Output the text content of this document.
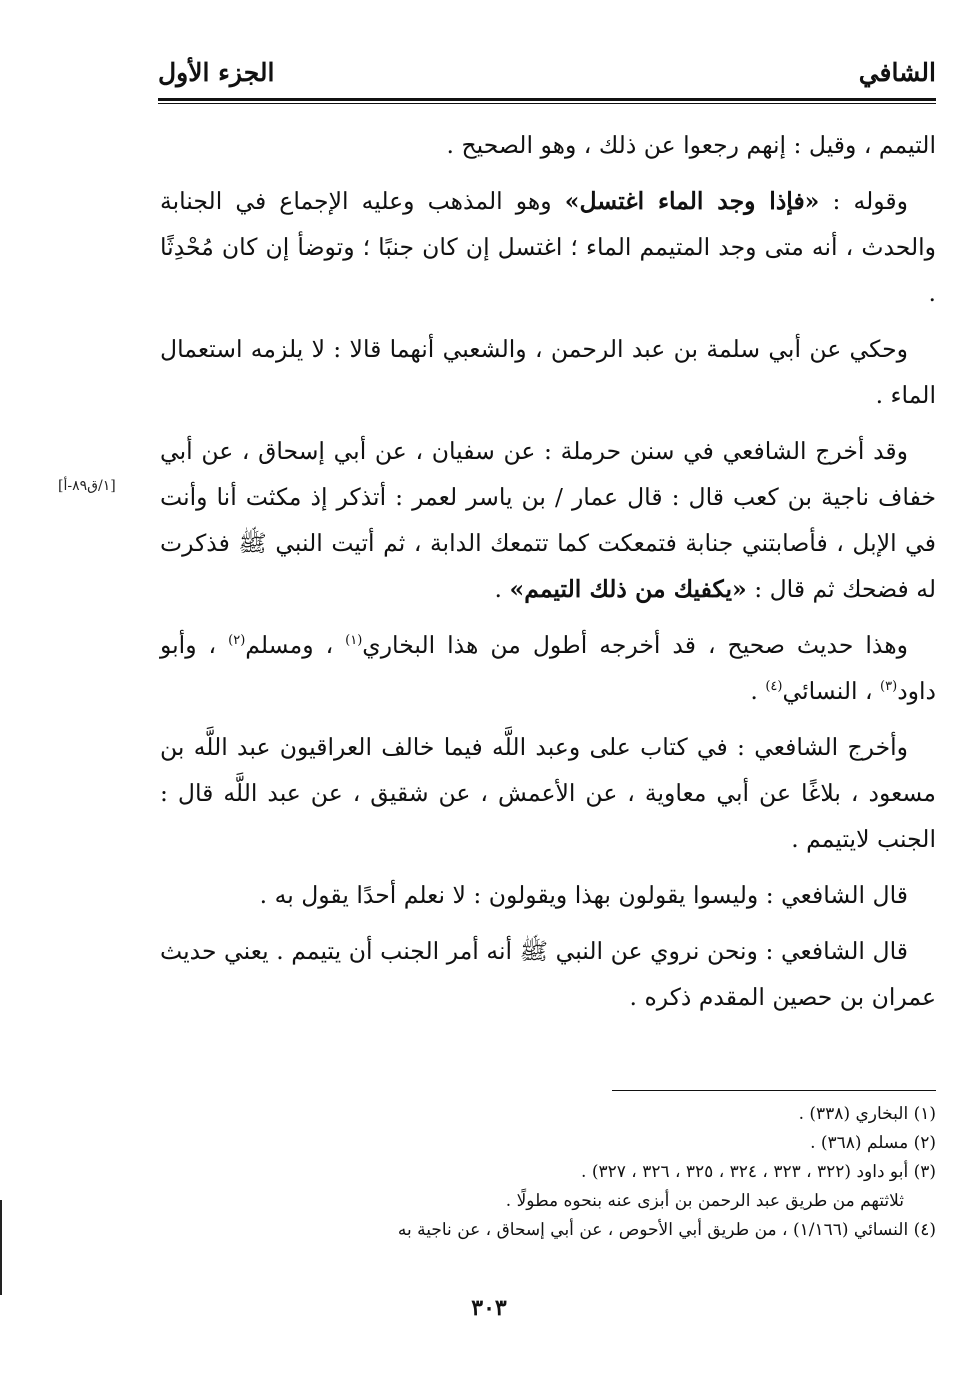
الشافي
الجزء الأول
[١/ق٨٩-أ]

التيمم ، وقيل : إنهم رجعوا عن ذلك ، وهو الصحيح .

وقوله : «فإذا وجد الماء اغتسل» وهو المذهب وعليه الإجماع في الجنابة والحدث ، أنه متى وجد المتيمم الماء ؛ اغتسل إن كان جنبًا ؛ وتوضأ إن كان مُحْدِثًا .

وحكي عن أبي سلمة بن عبد الرحمن ، والشعبي أنهما قالا : لا يلزمه استعمال الماء .

وقد أخرج الشافعي في سنن حرملة : عن سفيان ، عن أبي إسحاق ، عن أبي خفاف ناجية بن كعب قال : قال عمار / بن ياسر لعمر : أتذكر إذ مكثت أنا وأنت في الإبل ، فأصابتني جنابة فتمعكت كما تتمعك الدابة ، ثم أتيت النبي ﷺ فذكرت له فضحك ثم قال : «يكفيك من ذلك التيمم» .

وهذا حديث صحيح ، قد أخرجه أطول من هذا البخاري$^{(١)}$ ، ومسلم$^{(٢)}$ ، وأبو داود$^{(٣)}$ ، النسائي$^{(٤)}$ .

وأخرج الشافعي : في كتاب على وعبد اللَّه فيما خالف العراقيون عبد اللَّه بن مسعود ، بلاغًا عن أبي معاوية ، عن الأعمش ، عن شقيق ، عن عبد اللَّه قال : الجنب لايتيمم .

قال الشافعي : وليسوا يقولون بهذا ويقولون : لا نعلم أحدًا يقول به .

قال الشافعي : ونحن نروي عن النبي ﷺ أنه أمر الجنب أن يتيمم . يعني حديث عمران بن حصين المقدم ذكره .

(١) البخاري (٣٣٨) .
(٢) مسلم (٣٦٨) .
(٣) أبو داود (٣٢٢ ، ٣٢٣ ، ٣٢٤ ، ٣٢٥ ، ٣٢٦ ، ٣٢٧) .
ثلاثتهم من طريق عبد الرحمن بن أبزى عنه بنحوه مطولًا .
(٤) النسائي (١/١٦٦) ، من طريق أبي الأحوص ، عن أبي إسحاق ، عن ناجية به
٣٠٣
